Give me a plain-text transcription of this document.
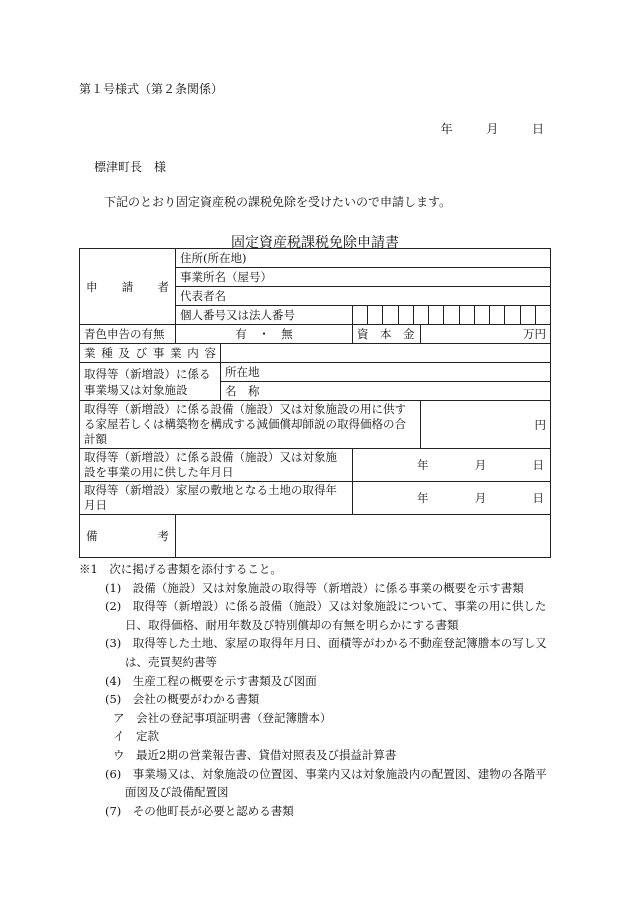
第１号様式（第２条関係）
年	月	日
標津町長　様
下記のとおり固定資産税の課税免除を受けたいので申請します。
固定資産税課税免除申請書
申　請　者	住所(所在地)			
	事業所名（屋号）			
	代表者名			
	個人番号又は法人番号			

青色申告の有無	有　・　無		資　本　金	万円

業種及び事業内容				

取得等（新増設）に係る事業場又は対象施設		所在地		
		名　称		
取得等（新増設）に係る設備（施設）又は対象施設の用に供する家屋若しくは構築物を構成する減価償却師説の取得価格の合計額				円
取得等（新増設）に係る設備（施設）又は対象施設を事業の用に供した年月日			年 月 日	

取得等（新増設）家屋の敷地となる土地の取得年月日			年 月 日	

備　　考				

※1　次に掲げる書類を添付すること。
(1)　設備（施設）又は対象施設の取得等（新増設）に係る事業の概要を示す書類
(2)　取得等（新増設）に係る設備（施設）又は対象施設について、事業の用に供した
日、取得価格、耐用年数及び特別償却の有無を明らかにする書類
(3)　取得等した土地、家屋の取得年月日、面積等がわかる不動産登記簿謄本の写し又
は、売買契約書等
(4)　生産工程の概要を示す書類及び図面
(5)　会社の概要がわかる書類
ア　会社の登記事項証明書（登記簿謄本）
イ　定款
ウ　最近2期の営業報告書、貸借対照表及び損益計算書
(6)　事業場又は、対象施設の位置図、事業内又は対象施設内の配置図、建物の各階平
面図及び設備配置図
(7)　その他町長が必要と認める書類
